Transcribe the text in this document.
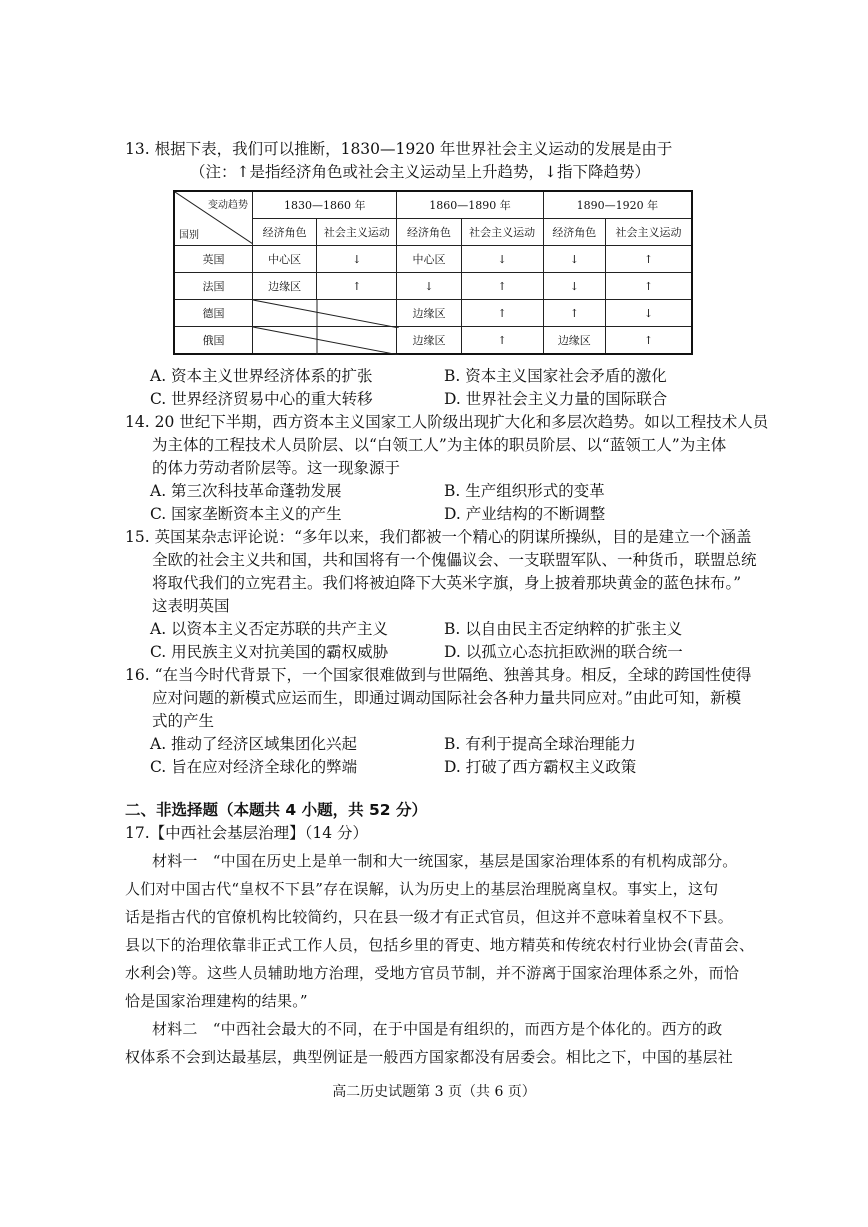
13. 根据下表，我们可以推断，1830—1920 年世界社会主义运动的发展是由于
（注：↑是指经济角色或社会主义运动呈上升趋势，↓指下降趋势）
变动趋势
国别	1830—1860 年		1860—1890 年		1890—1920 年	
	经济角色	社会主义运动	经济角色	社会主义运动	经济角色	社会主义运动
英国	中心区	↓	中心区	↓	↓	↑
法国	边缘区	↑	↓	↑	↓	↑
德国			边缘区	↑	↑	↓
俄国			边缘区	↑	边缘区	↑
A. 资本主义世界经济体系的扩张	B. 资本主义国家社会矛盾的激化
C. 世界经济贸易中心的重大转移	D. 世界社会主义力量的国际联合
14. 20 世纪下半期，西方资本主义国家工人阶级出现扩大化和多层次趋势。如以工程技术人员
为主体的工程技术人员阶层、以“白领工人”为主体的职员阶层、以“蓝领工人”为主体
的体力劳动者阶层等。这一现象源于
A. 第三次科技革命蓬勃发展	B. 生产组织形式的变革
C. 国家垄断资本主义的产生	D. 产业结构的不断调整
15. 英国某杂志评论说：“多年以来，我们都被一个精心的阴谋所操纵，目的是建立一个涵盖
全欧的社会主义共和国，共和国将有一个傀儡议会、一支联盟军队、一种货币，联盟总统
将取代我们的立宪君主。我们将被迫降下大英米字旗，身上披着那块黄金的蓝色抹布。”
这表明英国
A. 以资本主义否定苏联的共产主义	B. 以自由民主否定纳粹的扩张主义
C. 用民族主义对抗美国的霸权威胁	D. 以孤立心态抗拒欧洲的联合统一
16. “在当今时代背景下，一个国家很难做到与世隔绝、独善其身。相反，全球的跨国性使得
应对问题的新模式应运而生，即通过调动国际社会各种力量共同应对。”由此可知，新模
式的产生
A. 推动了经济区域集团化兴起	B. 有利于提高全球治理能力
C. 旨在应对经济全球化的弊端	D. 打破了西方霸权主义政策
二、非选择题（本题共 4 小题，共 52 分）
17.【中西社会基层治理】（14 分）
材料一　“中国在历史上是单一制和大一统国家，基层是国家治理体系的有机构成部分。
人们对中国古代“皇权不下县”存在误解，认为历史上的基层治理脱离皇权。事实上，这句
话是指古代的官僚机构比较简约，只在县一级才有正式官员，但这并不意味着皇权不下县。
县以下的治理依靠非正式工作人员，包括乡里的胥吏、地方精英和传统农村行业协会(青苗会、
水利会)等。这些人员辅助地方治理，受地方官员节制，并不游离于国家治理体系之外，而恰
恰是国家治理建构的结果。”
材料二　“中西社会最大的不同，在于中国是有组织的，而西方是个体化的。西方的政
权体系不会到达最基层，典型例证是一般西方国家都没有居委会。相比之下，中国的基层社
高二历史试题第 3 页（共 6 页）
